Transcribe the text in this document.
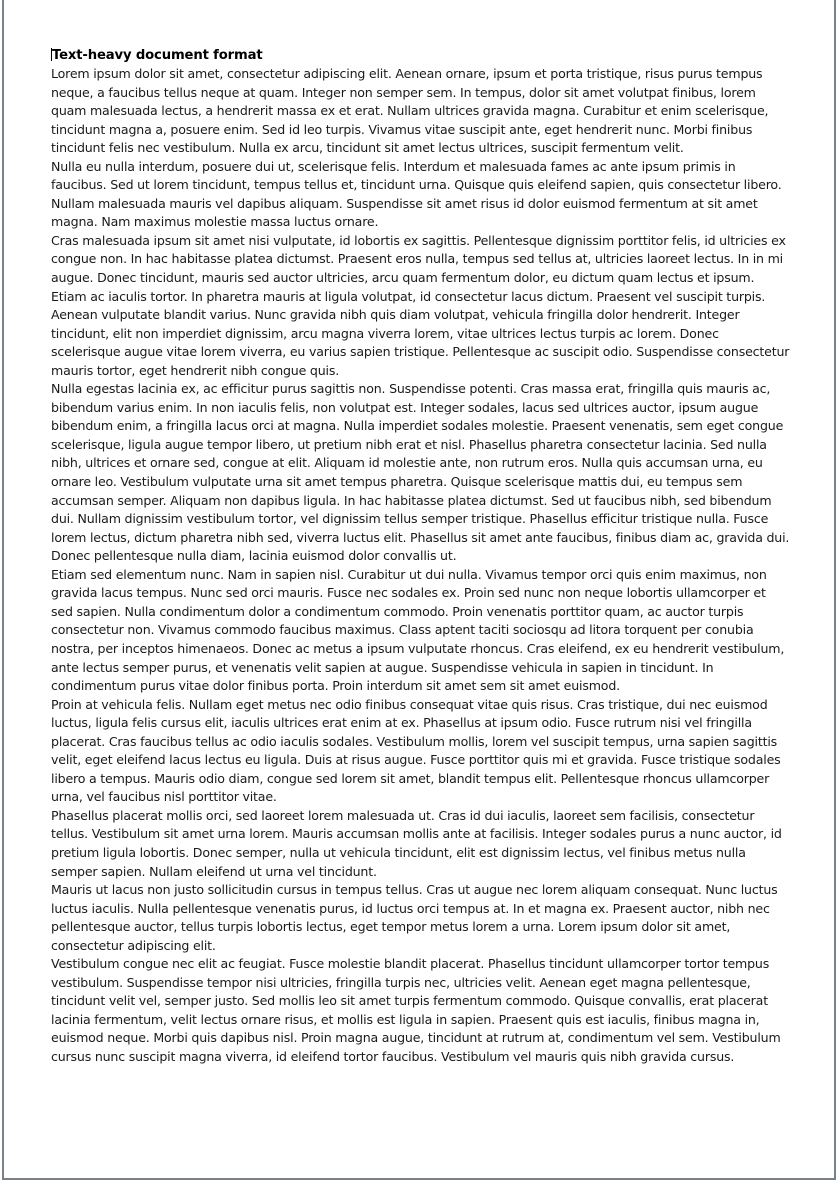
Text-heavy document format

Lorem ipsum dolor sit amet, consectetur adipiscing elit. Aenean ornare, ipsum et porta tristique, risus purus tempus neque, a faucibus tellus neque at quam. Integer non semper sem. In tempus, dolor sit amet volutpat finibus, lorem quam malesuada lectus, a hendrerit massa ex et erat. Nullam ultrices gravida magna. Curabitur et enim scelerisque, tincidunt magna a, posuere enim. Sed id leo turpis. Vivamus vitae suscipit ante, eget hendrerit nunc. Morbi finibus tincidunt felis nec vestibulum. Nulla ex arcu, tincidunt sit amet lectus ultrices, suscipit fermentum velit.

Nulla eu nulla interdum, posuere dui ut, scelerisque felis. Interdum et malesuada fames ac ante ipsum primis in faucibus. Sed ut lorem tincidunt, tempus tellus et, tincidunt urna. Quisque quis eleifend sapien, quis consectetur libero. Nullam malesuada mauris vel dapibus aliquam. Suspendisse sit amet risus id dolor euismod fermentum at sit amet magna. Nam maximus molestie massa luctus ornare.

Cras malesuada ipsum sit amet nisi vulputate, id lobortis ex sagittis. Pellentesque dignissim porttitor felis, id ultricies ex congue non. In hac habitasse platea dictumst. Praesent eros nulla, tempus sed tellus at, ultricies laoreet lectus. In in mi augue. Donec tincidunt, mauris sed auctor ultricies, arcu quam fermentum dolor, eu dictum quam lectus et ipsum. Etiam ac iaculis tortor. In pharetra mauris at ligula volutpat, id consectetur lacus dictum. Praesent vel suscipit turpis. Aenean vulputate blandit varius. Nunc gravida nibh quis diam volutpat, vehicula fringilla dolor hendrerit. Integer tincidunt, elit non imperdiet dignissim, arcu magna viverra lorem, vitae ultrices lectus turpis ac lorem. Donec scelerisque augue vitae lorem viverra, eu varius sapien tristique. Pellentesque ac suscipit odio. Suspendisse consectetur mauris tortor, eget hendrerit nibh congue quis.

Nulla egestas lacinia ex, ac efficitur purus sagittis non. Suspendisse potenti. Cras massa erat, fringilla quis mauris ac, bibendum varius enim. In non iaculis felis, non volutpat est. Integer sodales, lacus sed ultrices auctor, ipsum augue bibendum enim, a fringilla lacus orci at magna. Nulla imperdiet sodales molestie. Praesent venenatis, sem eget congue scelerisque, ligula augue tempor libero, ut pretium nibh erat et nisl. Phasellus pharetra consectetur lacinia. Sed nulla nibh, ultrices et ornare sed, congue at elit. Aliquam id molestie ante, non rutrum eros. Nulla quis accumsan urna, eu ornare leo. Vestibulum vulputate urna sit amet tempus pharetra. Quisque scelerisque mattis dui, eu tempus sem accumsan semper. Aliquam non dapibus ligula. In hac habitasse platea dictumst. Sed ut faucibus nibh, sed bibendum dui. Nullam dignissim vestibulum tortor, vel dignissim tellus semper tristique. Phasellus efficitur tristique nulla. Fusce lorem lectus, dictum pharetra nibh sed, viverra luctus elit. Phasellus sit amet ante faucibus, finibus diam ac, gravida dui. Donec pellentesque nulla diam, lacinia euismod dolor convallis ut.

Etiam sed elementum nunc. Nam in sapien nisl. Curabitur ut dui nulla. Vivamus tempor orci quis enim maximus, non gravida lacus tempus. Nunc sed orci mauris. Fusce nec sodales ex. Proin sed nunc non neque lobortis ullamcorper et sed sapien. Nulla condimentum dolor a condimentum commodo. Proin venenatis porttitor quam, ac auctor turpis consectetur non. Vivamus commodo faucibus maximus. Class aptent taciti sociosqu ad litora torquent per conubia nostra, per inceptos himenaeos. Donec ac metus a ipsum vulputate rhoncus. Cras eleifend, ex eu hendrerit vestibulum, ante lectus semper purus, et venenatis velit sapien at augue. Suspendisse vehicula in sapien in tincidunt. In condimentum purus vitae dolor finibus porta. Proin interdum sit amet sem sit amet euismod.

Proin at vehicula felis. Nullam eget metus nec odio finibus consequat vitae quis risus. Cras tristique, dui nec euismod luctus, ligula felis cursus elit, iaculis ultrices erat enim at ex. Phasellus at ipsum odio. Fusce rutrum nisi vel fringilla placerat. Cras faucibus tellus ac odio iaculis sodales. Vestibulum mollis, lorem vel suscipit tempus, urna sapien sagittis velit, eget eleifend lacus lectus eu ligula. Duis at risus augue. Fusce porttitor quis mi et gravida. Fusce tristique sodales libero a tempus. Mauris odio diam, congue sed lorem sit amet, blandit tempus elit. Pellentesque rhoncus ullamcorper urna, vel faucibus nisl porttitor vitae.

Phasellus placerat mollis orci, sed laoreet lorem malesuada ut. Cras id dui iaculis, laoreet sem facilisis, consectetur tellus. Vestibulum sit amet urna lorem. Mauris accumsan mollis ante at facilisis. Integer sodales purus a nunc auctor, id pretium ligula lobortis. Donec semper, nulla ut vehicula tincidunt, elit est dignissim lectus, vel finibus metus nulla semper sapien. Nullam eleifend ut urna vel tincidunt.

Mauris ut lacus non justo sollicitudin cursus in tempus tellus. Cras ut augue nec lorem aliquam consequat. Nunc luctus luctus iaculis. Nulla pellentesque venenatis purus, id luctus orci tempus at. In et magna ex. Praesent auctor, nibh nec pellentesque auctor, tellus turpis lobortis lectus, eget tempor metus lorem a urna. Lorem ipsum dolor sit amet, consectetur adipiscing elit.

Vestibulum congue nec elit ac feugiat. Fusce molestie blandit placerat. Phasellus tincidunt ullamcorper tortor tempus vestibulum. Suspendisse tempor nisi ultricies, fringilla turpis nec, ultricies velit. Aenean eget magna pellentesque, tincidunt velit vel, semper justo. Sed mollis leo sit amet turpis fermentum commodo. Quisque convallis, erat placerat lacinia fermentum, velit lectus ornare risus, et mollis est ligula in sapien. Praesent quis est iaculis, finibus magna in, euismod neque. Morbi quis dapibus nisl. Proin magna augue, tincidunt at rutrum at, condimentum vel sem. Vestibulum cursus nunc suscipit magna viverra, id eleifend tortor faucibus. Vestibulum vel mauris quis nibh gravida cursus.
